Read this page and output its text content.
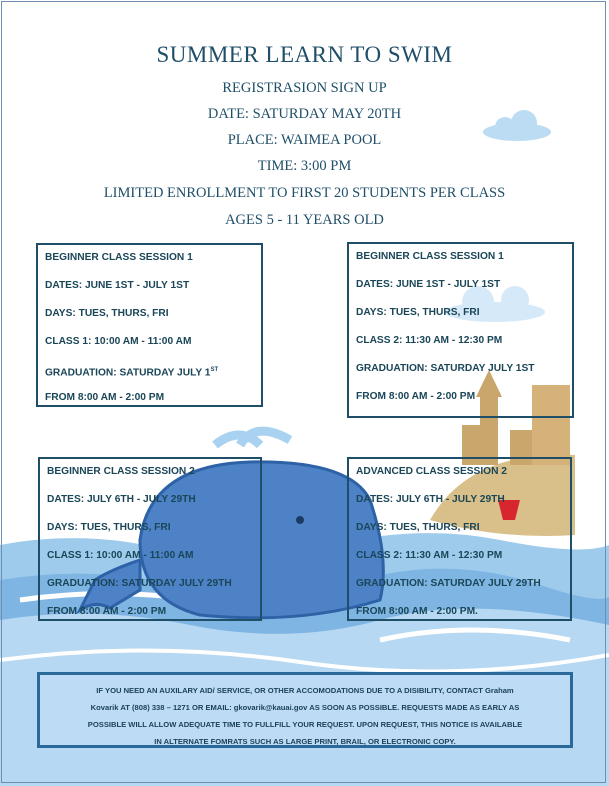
SUMMER LEARN TO SWIM
REGISTRASION SIGN UP
DATE: SATURDAY MAY 20TH
PLACE: WAIMEA POOL
TIME: 3:00 PM
LIMITED ENROLLMENT TO FIRST 20 STUDENTS PER CLASS
AGES 5 - 11 YEARS OLD
BEGINNER CLASS SESSION 1
DATES: JUNE 1ST - JULY 1ST
DAYS: TUES, THURS, FRI
CLASS 1: 10:00 AM - 11:00 AM
GRADUATION: SATURDAY JULY 1ST
FROM 8:00 AM - 2:00 PM
BEGINNER CLASS SESSION 1
DATES: JUNE 1ST - JULY 1ST
DAYS: TUES, THURS, FRI
CLASS 2: 11:30 AM - 12:30 PM
GRADUATION: SATURDAY JULY 1ST
FROM 8:00 AM - 2:00 PM
BEGINNER CLASS SESSION 2
DATES: JULY 6TH - JULY 29TH
DAYS: TUES, THURS, FRI
CLASS 1: 10:00 AM - 11:00 AM
GRADUATION: SATURDAY JULY 29TH
FROM 8:00 AM - 2:00 PM
ADVANCED CLASS SESSION 2
DATES: JULY 6TH - JULY 29TH
DAYS: TUES, THURS, FRI
CLASS 2: 11:30 AM - 12:30 PM
GRADUATION: SATURDAY JULY 29TH
FROM 8:00 AM - 2:00 PM.
IF YOU NEED AN AUXILARY AID/ SERVICE, OR OTHER ACCOMODATIONS DUE TO A DISIBILITY, CONTACT Graham
Kovarik AT (808) 338 – 1271 OR EMAIL: gkovarik@kauai.gov AS SOON AS POSSIBLE. REQUESTS MADE AS EARLY AS
POSSIBLE WILL ALLOW ADEQUATE TIME TO FULLFILL YOUR REQUEST. UPON REQUEST, THIS NOTICE IS AVAILABLE
IN ALTERNATE FOMRATS SUCH AS LARGE PRINT, BRAIL, OR ELECTRONIC COPY.
